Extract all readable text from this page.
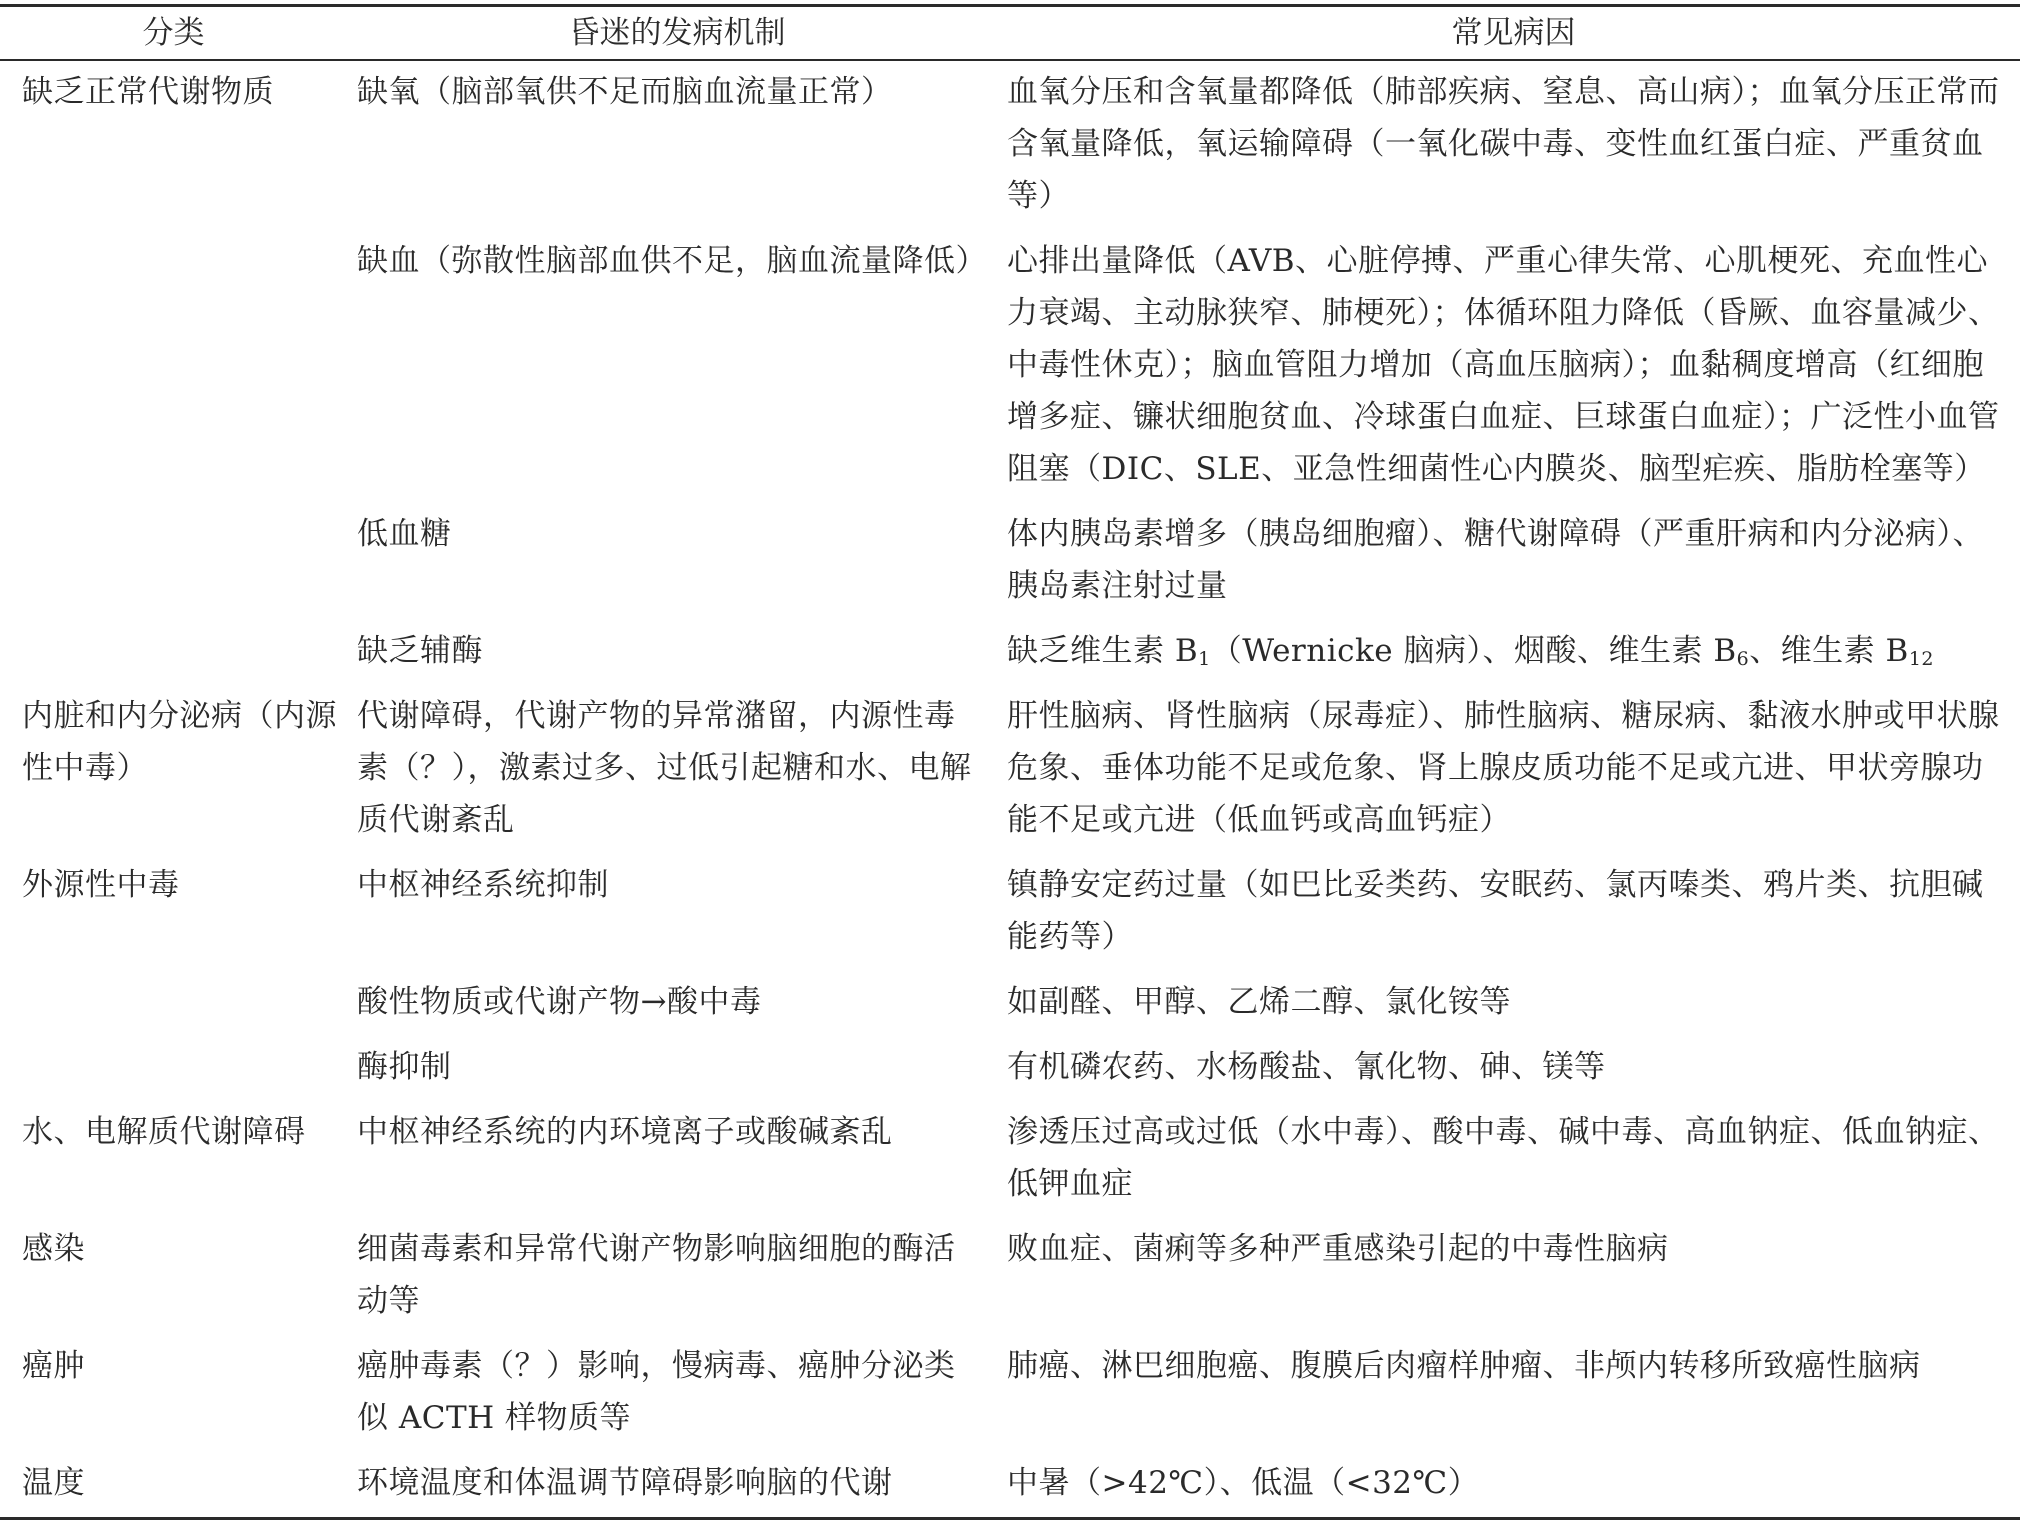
分类	昏迷的发病机制	常见病因
缺乏正常代谢物质	缺氧（脑部氧供不足而脑血流量正常）	血氧分压和含氧量都降低（肺部疾病、窒息、高山病）；血氧分压正常而含氧量降低，氧运输障碍（一氧化碳中毒、变性血红蛋白症、严重贫血等）
	缺血（弥散性脑部血供不足，脑血流量降低）	心排出量降低（AVB、心脏停搏、严重心律失常、心肌梗死、充血性心力衰竭、主动脉狭窄、肺梗死）；体循环阻力降低（昏厥、血容量减少、中毒性休克）；脑血管阻力增加（高血压脑病）；血黏稠度增高（红细胞增多症、镰状细胞贫血、冷球蛋白血症、巨球蛋白血症）；广泛性小血管阻塞（DIC、SLE、亚急性细菌性心内膜炎、脑型疟疾、脂肪栓塞等）
	低血糖	体内胰岛素增多（胰岛细胞瘤）、糖代谢障碍（严重肝病和内分泌病）、胰岛素注射过量
	缺乏辅酶	缺乏维生素 $B_1(Wernicke$ 脑病）、烟酸、维生素 $B_6$、维生素 $B_{12}$
内脏和内分泌病（内源性中毒）	代谢障碍，代谢产物的异常潴留，内源性毒素（？），激素过多、过低引起糖和水、电解质代谢紊乱	肝性脑病、肾性脑病（尿毒症）、肺性脑病、糖尿病、黏液水肿或甲状腺危象、垂体功能不足或危象、肾上腺皮质功能不足或亢进、甲状旁腺功能不足或亢进（低血钙或高血钙症）
外源性中毒	中枢神经系统抑制	镇静安定药过量（如巴比妥类药、安眠药、氯丙嗪类、鸦片类、抗胆碱能药等）
	酸性物质或代谢产物→酸中毒	如副醛、甲醇、乙烯二醇、氯化铵等
	酶抑制	有机磷农药、水杨酸盐、氰化物、砷、镁等
水、电解质代谢障碍	中枢神经系统的内环境离子或酸碱紊乱	渗透压过高或过低（水中毒）、酸中毒、碱中毒、高血钠症、低血钠症、低钾血症
感染	细菌毒素和异常代谢产物影响脑细胞的酶活动等	败血症、菌痢等多种严重感染引起的中毒性脑病
癌肿	癌肿毒素（？）影响，慢病毒、癌肿分泌类似 ACTH 样物质等	肺癌、淋巴细胞癌、腹膜后肉瘤样肿瘤、非颅内转移所致癌性脑病
温度	环境温度和体温调节障碍影响脑的代谢	中暑（>42℃）、低温（<32℃）
